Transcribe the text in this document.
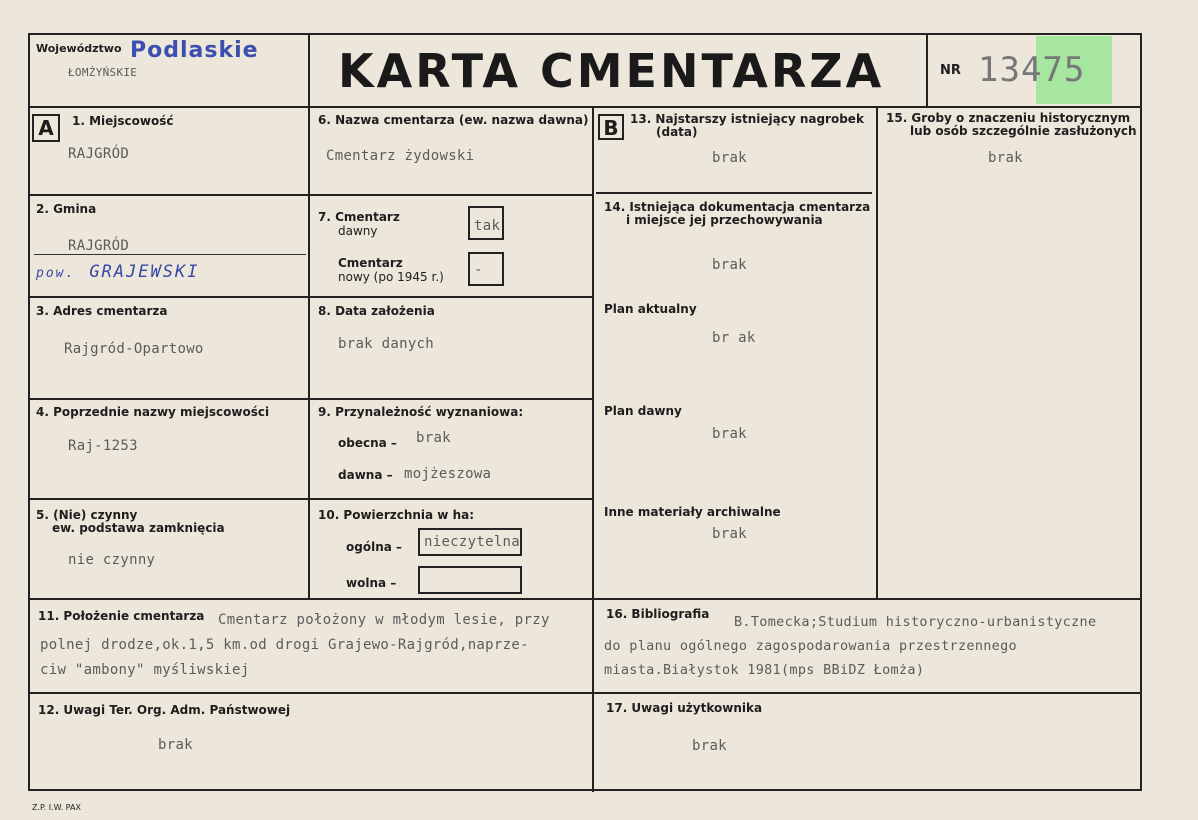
Województwo Podlaskie
ŁOMŻYŃSKIE	KARTA CMENTARZA	NR 13475
A	1. Miejscowość
RAJGRÓD
2. Gmina
RAJGRÓD
pow. GRAJEWSKI
3. Adres cmentarza
Rajgród-Opartowo
4. Poprzednie nazwy miejscowości
Raj-1253
5. (Nie) czynny
ew. podstawa zamknięcia
nie czynny
6. Nazwa cmentarza (ew. nazwa dawna)
Cmentarz żydowski
7. Cmentarz
dawny	tak
Cmentarz
nowy (po 1945 r.) -
8. Data założenia
brak danych
9. Przynależność wyznaniowa:
obecna – brak
dawna – mojżeszowa
10. Powierzchnia w ha:
ogólna – nieczytelna
wolna –
11. Położenie cmentarza Cmentarz położony w młodym lesie, przy
polnej drodze,ok.1,5 km.od drogi Grajewo-Rajgród,naprze-
ciw "ambony" myśliwskiej
12. Uwagi Ter. Org. Adm. Państwowej
brak
B 13. Najstarszy istniejący nagrobek
(data)
brak
14. Istniejąca dokumentacja cmentarza
i miejsce jej przechowywania
brak
Plan aktualny
br ak
Plan dawny
brak
Inne materiały archiwalne
brak
15. Groby o znaczeniu historycznym
lub osób szczególnie zasłużonych
brak
16. Bibliografia B.Tomecka;Studium historyczno-urbanistyczne
do planu ogólnego zagospodarowania przestrzennego
miasta.Białystok 1981(mps BBiDZ Łomża)
17. Uwagi użytkownika
brak
Z.P. I.W. PAX
